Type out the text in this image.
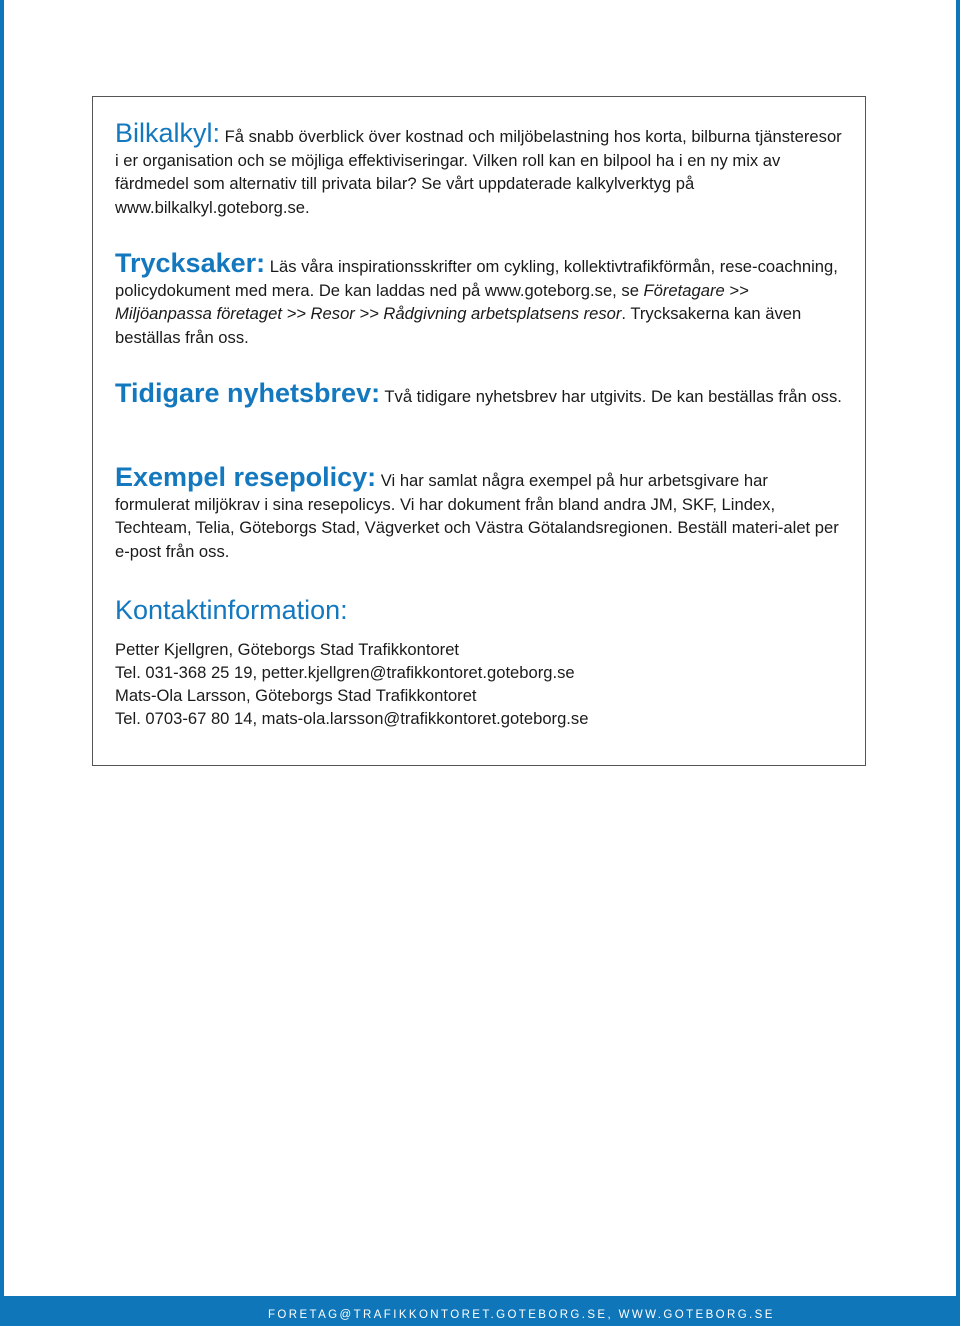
Bilkalkyl: Få snabb överblick över kostnad och miljöbelastning hos korta, bilburna tjänsteresor i er organisation och se möjliga effektiviseringar. Vilken roll kan en bilpool ha i en ny mix av färdmedel som alternativ till privata bilar? Se vårt uppdaterade kalkylverktyg på www.bilkalkyl.goteborg.se.

Trycksaker: Läs våra inspirationsskrifter om cykling, kollektivtrafikförmån, rese-coachning, policydokument med mera. De kan laddas ned på www.goteborg.se, se Företagare >> Miljöanpassa företaget >> Resor >> Rådgivning arbetsplatsens resor. Trycksakerna kan även beställas från oss.

Tidigare nyhetsbrev: Två tidigare nyhetsbrev har utgivits. De kan beställas från oss.

Exempel resepolicy: Vi har samlat några exempel på hur arbetsgivare har formulerat miljökrav i sina resepolicys. Vi har dokument från bland andra JM, SKF, Lindex, Techteam, Telia, Göteborgs Stad, Vägverket och Västra Götalandsregionen. Beställ materi-alet per e-post från oss.

Kontaktinformation:
Petter Kjellgren, Göteborgs Stad Trafikkontoret
Tel. 031-368 25 19, petter.kjellgren@trafikkontoret.goteborg.se
Mats-Ola Larsson, Göteborgs Stad Trafikkontoret
Tel. 0703-67 80 14, mats-ola.larsson@trafikkontoret.goteborg.se
FORETAG@TRAFIKKONTORET.GOTEBORG.SE, WWW.GOTEBORG.SE
